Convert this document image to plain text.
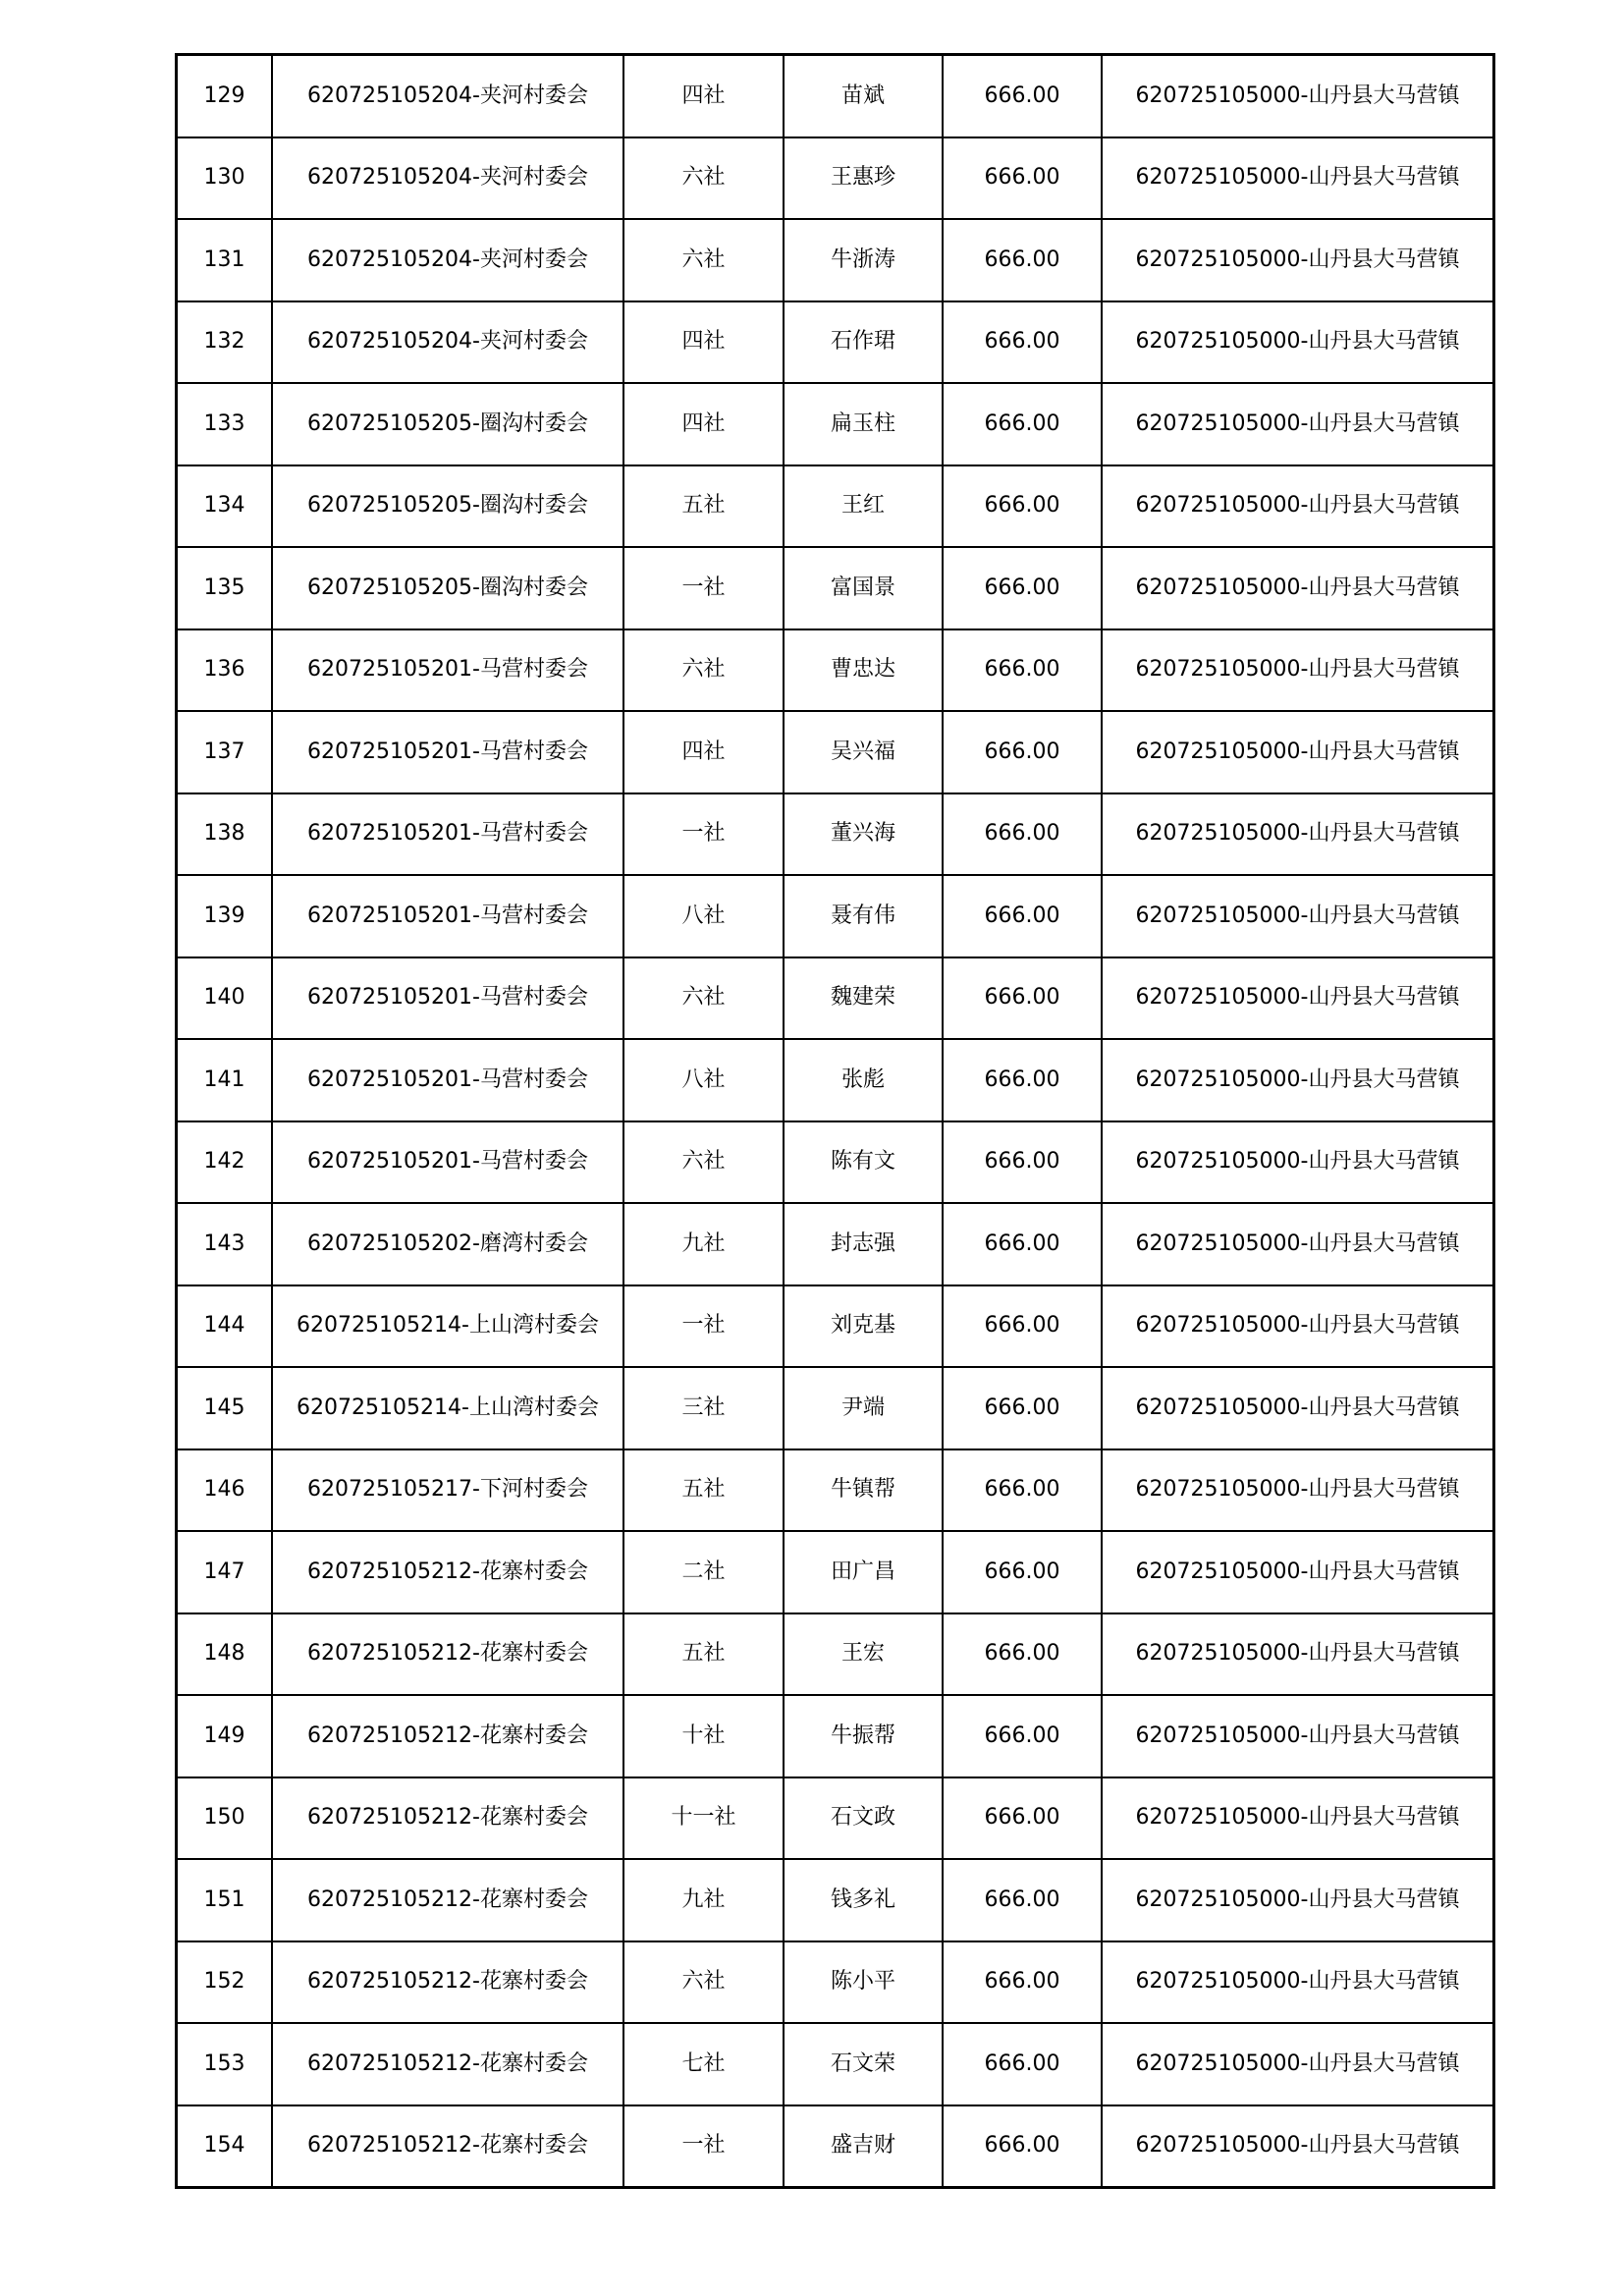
129	620725105204-夹河村委会	四社	苗斌	666.00	620725105000-山丹县大马营镇
130	620725105204-夹河村委会	六社	王惠珍	666.00	620725105000-山丹县大马营镇
131	620725105204-夹河村委会	六社	牛浙涛	666.00	620725105000-山丹县大马营镇
132	620725105204-夹河村委会	四社	石作珺	666.00	620725105000-山丹县大马营镇
133	620725105205-圈沟村委会	四社	扁玉柱	666.00	620725105000-山丹县大马营镇
134	620725105205-圈沟村委会	五社	王红	666.00	620725105000-山丹县大马营镇
135	620725105205-圈沟村委会	一社	富国景	666.00	620725105000-山丹县大马营镇
136	620725105201-马营村委会	六社	曹忠达	666.00	620725105000-山丹县大马营镇
137	620725105201-马营村委会	四社	吴兴福	666.00	620725105000-山丹县大马营镇
138	620725105201-马营村委会	一社	董兴海	666.00	620725105000-山丹县大马营镇
139	620725105201-马营村委会	八社	聂有伟	666.00	620725105000-山丹县大马营镇
140	620725105201-马营村委会	六社	魏建荣	666.00	620725105000-山丹县大马营镇
141	620725105201-马营村委会	八社	张彪	666.00	620725105000-山丹县大马营镇
142	620725105201-马营村委会	六社	陈有文	666.00	620725105000-山丹县大马营镇
143	620725105202-磨湾村委会	九社	封志强	666.00	620725105000-山丹县大马营镇
144	620725105214-上山湾村委会	一社	刘克基	666.00	620725105000-山丹县大马营镇
145	620725105214-上山湾村委会	三社	尹端	666.00	620725105000-山丹县大马营镇
146	620725105217-下河村委会	五社	牛镇帮	666.00	620725105000-山丹县大马营镇
147	620725105212-花寨村委会	二社	田广昌	666.00	620725105000-山丹县大马营镇
148	620725105212-花寨村委会	五社	王宏	666.00	620725105000-山丹县大马营镇
149	620725105212-花寨村委会	十社	牛振帮	666.00	620725105000-山丹县大马营镇
150	620725105212-花寨村委会	十一社	石文政	666.00	620725105000-山丹县大马营镇
151	620725105212-花寨村委会	九社	钱多礼	666.00	620725105000-山丹县大马营镇
152	620725105212-花寨村委会	六社	陈小平	666.00	620725105000-山丹县大马营镇
153	620725105212-花寨村委会	七社	石文荣	666.00	620725105000-山丹县大马营镇
154	620725105212-花寨村委会	一社	盛吉财	666.00	620725105000-山丹县大马营镇
